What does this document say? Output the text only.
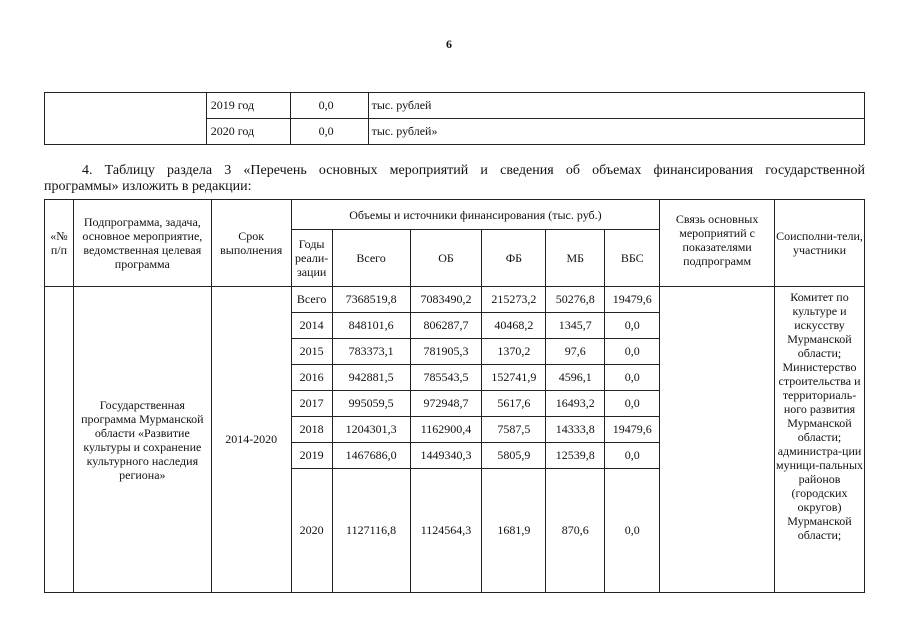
6
	2019 год	0,0	тыс. рублей
	2020 год	0,0	тыс. рублей»
4. Таблицу раздела 3 «Перечень основных мероприятий и сведения об объемах финансирования государственной
программы» изложить в редакции:
«№ п/п	Подпрограмма, задача, основное мероприятие, ведомственная целевая программа	Срок выполнения	Объемы и источники финансирования (тыс. руб.)						Связь основных мероприятий с показателями подпрограмм	Соисполни-тели, участники
			Годы реали-зации	Всего	ОБ	ФБ	МБ	ВБС		
	Государственная программа Мурманской области «Развитие культуры и сохранение культурного наследия региона»	2014-2020	Всего	7368519,8	7083490,2	215273,2	50276,8	19479,6		Комитет по культуре и искусству Мурманской области; Министерство строительства и территориаль-ного развития Мурманской области; администра-ции муници-пальных районов (городских округов) Мурманской области;
			2014	848101,6	806287,7	40468,2	1345,7	0,0		
			2015	783373,1	781905,3	1370,2	97,6	0,0		
			2016	942881,5	785543,5	152741,9	4596,1	0,0		
			2017	995059,5	972948,7	5617,6	16493,2	0,0		
			2018	1204301,3	1162900,4	7587,5	14333,8	19479,6		
			2019	1467686,0	1449340,3	5805,9	12539,8	0,0		
			2020	1127116,8	1124564,3	1681,9	870,6	0,0		
